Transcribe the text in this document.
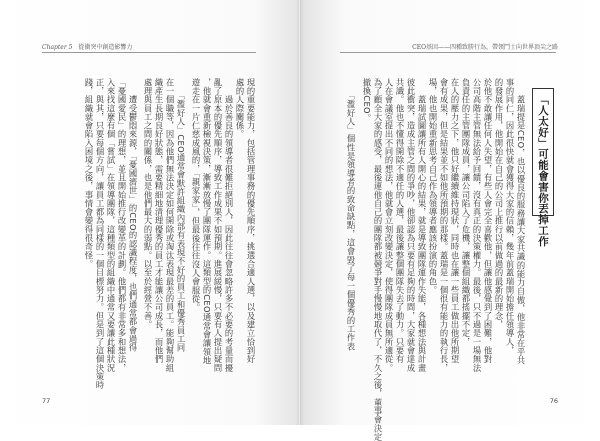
Chapter 5 從衝突中創造影響力	CEO基因——四種致勝行為，帶領鬥士向世界頂尖之路
「人太好」可能會害你丟掉工作
　　蓋瑞提是CEO，也以優良的服務讓大家共識的能力自傲，他非常在乎共
事的同仁，因此很快就會獲得大家的信賴，幾年前蓋瑞開始擔任領導人，
的發展作用，他開始在自己的公司上推行以前做過的最新的理念，
於他不敢讓任何人失望，有些人會完全喜歡他，但讓他感覺到了困難，他對
公司高階主管無法給予回饋，沒有真正的決策權力。最後，只不過是一場無法
負責任的主管團隊成員，讓公司陷入了危機，讓整個組織都搖擺不定，
在人的壓力之下，他只好繼續維持現狀，同時也在讓一些員工做出他所期望
會有成果，但是結果並不如他所預期的那樣。蓋瑞是一個很有能力的執行長，
場，他也開始重新思考自己作為領導者應該扮演的角色。
　　蓋瑞試圖讓所有人開心的結果，就是導致團隊運作失能，各種想法與計畫
彼此衝突，造成主管之間的爭吵，他卻認為只要有足夠的時間，大家就會達成
共識。他也不懂得開除不適任的人選，最後讓整個團隊失去了動力。只要有
人在會議室提出不同的想法，他就會立刻改變決定，使得團隊成員無所適從。
為了顧全大家的感受，最後連他自己的團隊都被競爭對手慢慢地取代了，不久之後，董事會決定
撤換CEO。
　　「濫好人」個性是領導者的致命缺點，這會毀了每一個優秀的工作表
現的重要能力，包括管理事務的優先順序，挑選合適人選，以及建立恰到好
處的人際關係。
　　過於善良的領導者很難拒絕別人，因此往往會忽略許多不必要的考量而擾
亂了原本的優先順序，導致工作成果不如預期。進展緩慢，只要有人提出疑問
，他就會重新檢視決策，漸漸放慢了團隊運作。這類型的CEO通常會讓領地
遊走在一片仁慈成風的，「親家家」，但最後往往沒人會服從。
　　「濫好人」CEO通常會默許組織內部有表現不好的員工和優秀員工同
在一個職等，因為他們無法決定如何開除或淘汰表現最差的員工。能夠幫助組
織產生長期良好狀態，需要精細地清理優秀的員工才能讓公司成長，而他們
處理與員工之間的關係，也是他們最大的弱點。以至於經營不善。
　　遭受鬱悶來源，「憂國濟世」的CEO的認識程度，也們通常都會過得
「憂國愛民」的理想，並且開始推行改變革的計劃。他們都有非常多和想法，
入來找這麼有個「嘗試」在領導團隊，這種類型的組織中通常又要讓此種狀況
正，與其，只要每個方向，讓員工都為同樣的一個目標努力。但是到了這個決策時
踐，組織就會陷入困境之後，事情會變得很奇怪。
77	76
